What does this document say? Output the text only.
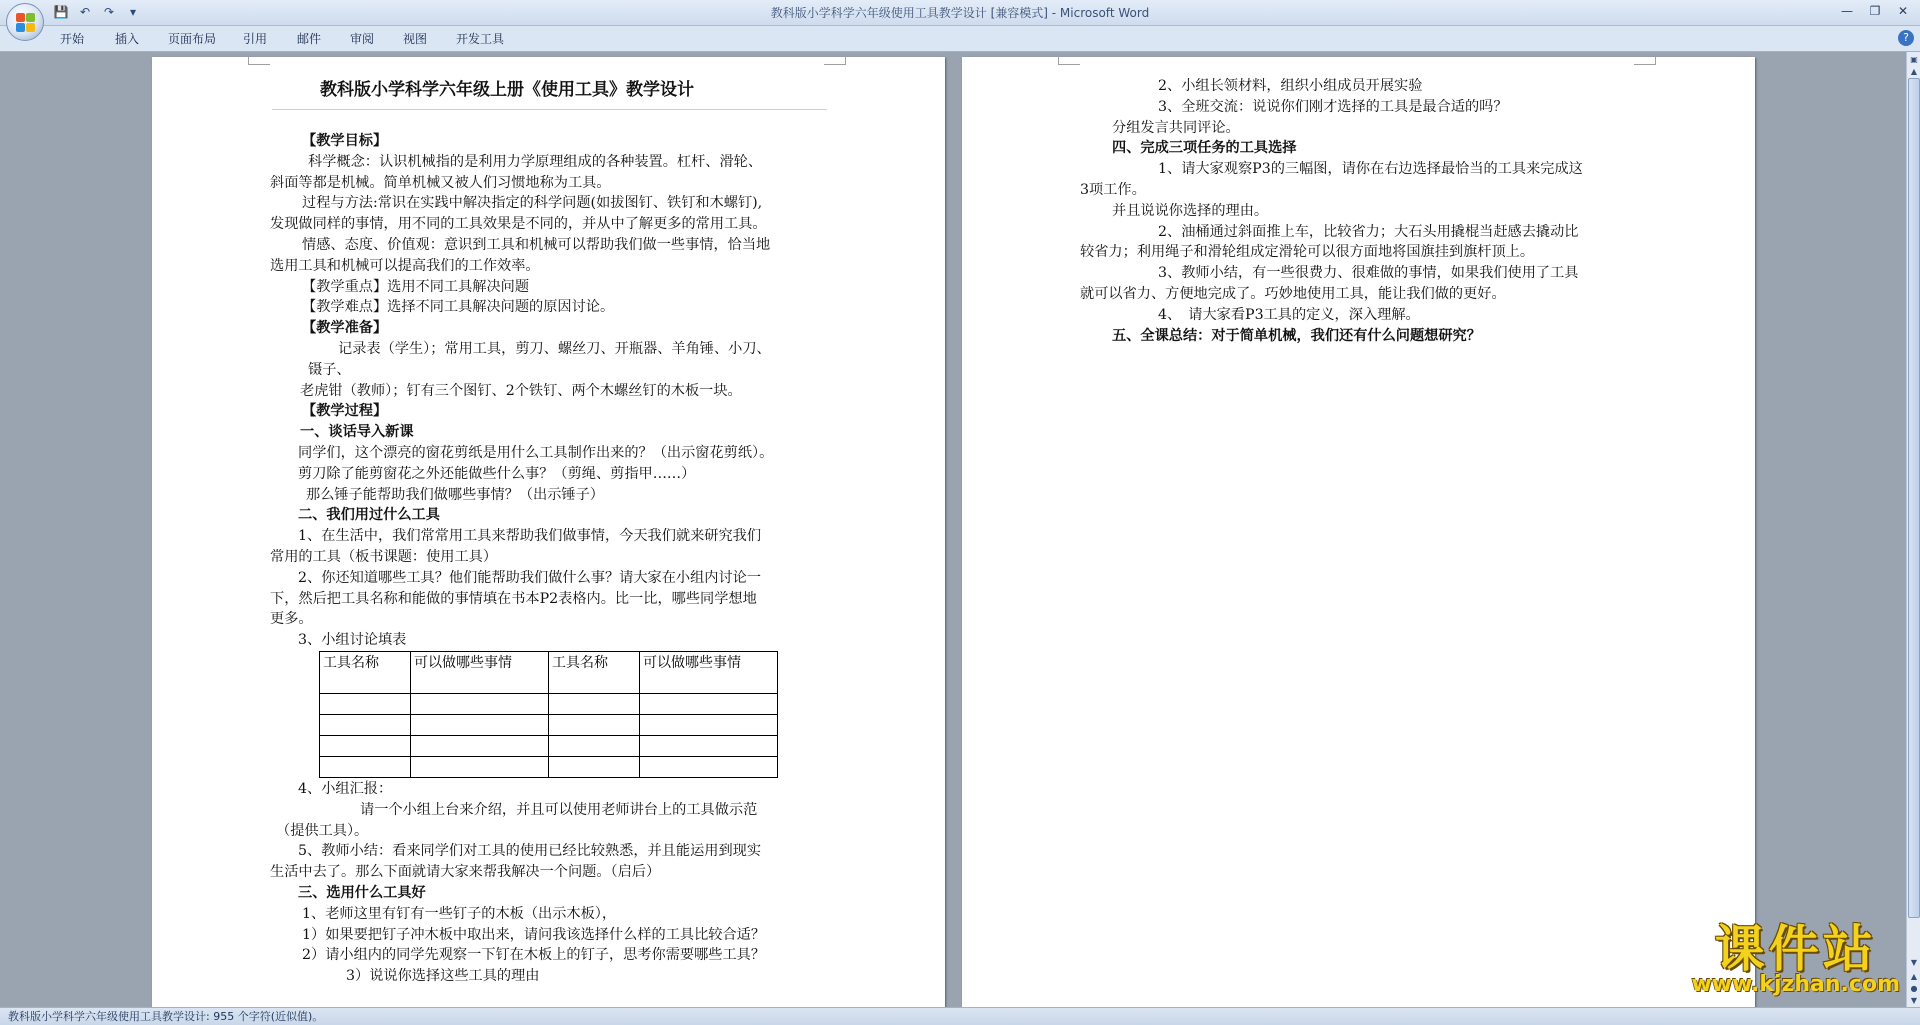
💾 ↶	↷	▾	教科版小学科学六年级使用工具教学设计 [兼容模式] - Microsoft Word	—	❐	✕
开始	插入 页面布局 引用 邮件 审阅 视图 开发工具	?
教科版小学科学六年级上册《使用工具》教学设计
【教学目标】
科学概念：认识机械指的是利用力学原理组成的各种装置。杠杆、滑轮、
斜面等都是机械。简单机械又被人们习惯地称为工具。
过程与方法:常识在实践中解决指定的科学问题(如拔图钉、铁钉和木螺钉),
发现做同样的事情，用不同的工具效果是不同的，并从中了解更多的常用工具。
情感、态度、价值观：意识到工具和机械可以帮助我们做一些事情，恰当地
选用工具和机械可以提高我们的工作效率。
【教学重点】选用不同工具解决问题
【教学难点】选择不同工具解决问题的原因讨论。
【教学准备】
记录表（学生）；常用工具，剪刀、螺丝刀、开瓶器、羊角锤、小刀、
镊子、
老虎钳（教师）；钉有三个图钉、2个铁钉、两个木螺丝钉的木板一块。
【教学过程】
一、谈话导入新课
同学们，这个漂亮的窗花剪纸是用什么工具制作出来的？（出示窗花剪纸）。
剪刀除了能剪窗花之外还能做些什么事？（剪绳、剪指甲……）
那么锤子能帮助我们做哪些事情？（出示锤子）
二、我们用过什么工具
1、在生活中，我们常常用工具来帮助我们做事情，今天我们就来研究我们
常用的工具（板书课题：使用工具）
2、你还知道哪些工具？他们能帮助我们做什么事？请大家在小组内讨论一
下，然后把工具名称和能做的事情填在书本P2表格内。比一比，哪些同学想地
更多。
3、小组讨论填表
工具名称	可以做哪些事情	工具名称	可以做哪些事情

4、小组汇报：
请一个小组上台来介绍，并且可以使用老师讲台上的工具做示范
（提供工具）。
5、教师小结：看来同学们对工具的使用已经比较熟悉，并且能运用到现实
生活中去了。那么下面就请大家来帮我解决一个问题。（启后）
三、选用什么工具好
1、老师这里有钉有一些钉子的木板（出示木板），
1）如果要把钉子冲木板中取出来，请问我该选择什么样的工具比较合适？
2）请小组内的同学先观察一下钉在木板上的钉子，思考你需要哪些工具？
3）说说你选择这些工具的理由
2、小组长领材料，组织小组成员开展实验
3、全班交流：说说你们刚才选择的工具是最合适的吗？
分组发言共同评论。
四、完成三项任务的工具选择
1、请大家观察P3的三幅图，请你在右边选择最恰当的工具来完成这
3项工作。
并且说说你选择的理由。
2、油桶通过斜面推上车，比较省力；大石头用撬棍当赶感去撬动比
较省力；利用绳子和滑轮组成定滑轮可以很方面地将国旗挂到旗杆顶上。
3、教师小结，有一些很费力、很难做的事情，如果我们使用了工具
就可以省力、方便地完成了。巧妙地使用工具，能让我们做的更好。
4、　请大家看P3工具的定义，深入理解。
五、全课总结：对于简单机械，我们还有什么问题想研究？
▣
▲
▼
▲
●
▼
课件站
www.kjzhan.com
教科版小学科学六年级使用工具教学设计: 955 个字符(近似值)。
